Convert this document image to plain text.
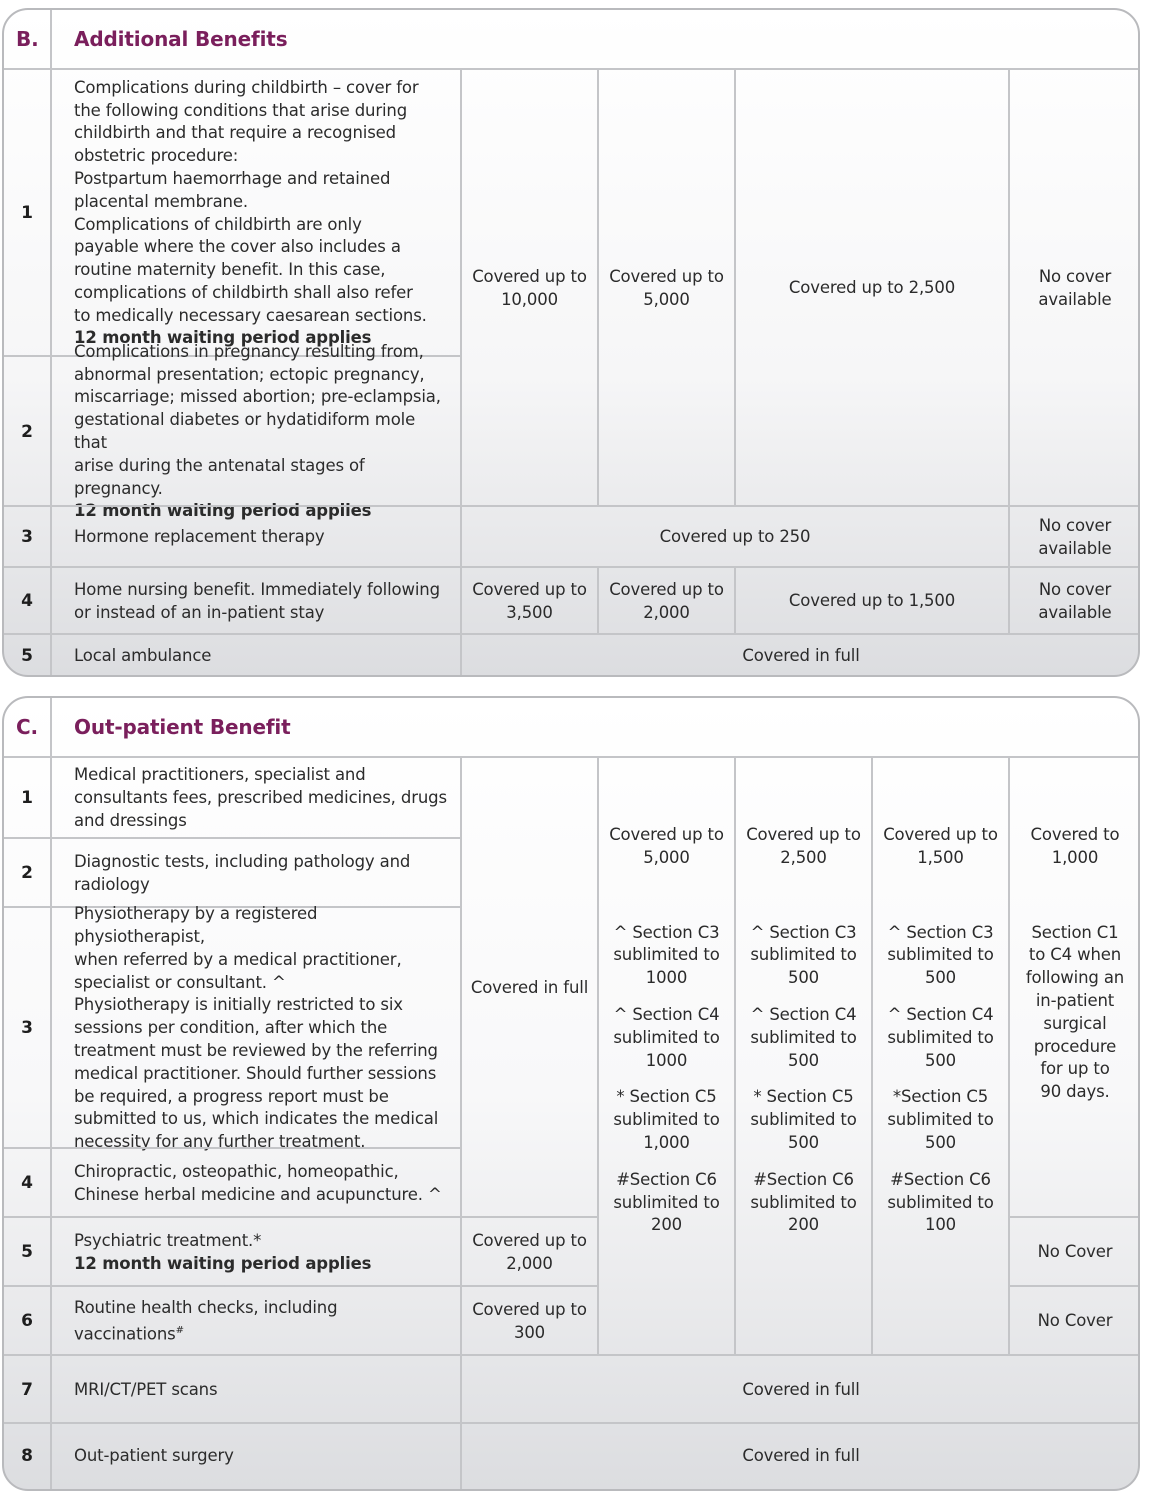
B.	Additional Benefits
1
2
3
4
5
Complications during childbirth – cover for
the following conditions that arise during
childbirth and that require a recognised
obstetric procedure:
Postpartum haemorrhage and retained
placental membrane.
Complications of childbirth are only
payable where the cover also includes a
routine maternity benefit. In this case,
complications of childbirth shall also refer
to medically necessary caesarean sections.
12 month waiting period applies
Complications in pregnancy resulting from,
abnormal presentation; ectopic pregnancy,
miscarriage; missed abortion; pre-eclampsia,
gestational diabetes or hydatidiform mole that
arise during the antenatal stages of pregnancy.
12 month waiting period applies
Hormone replacement therapy
Home nursing benefit. Immediately following
or instead of an in-patient stay
Local ambulance
Covered up to
10,000
Covered up to
5,000
Covered up to 2,500
No cover
available
Covered up to 250
No cover
available
Covered up to
3,500
Covered up to
2,000
Covered up to 1,500
No cover
available
Covered in full
C.	Out-patient Benefit
1
2
3
4
5
6
7
8
Medical practitioners, specialist and
consultants fees, prescribed medicines, drugs
and dressings
Diagnostic tests, including pathology and
radiology
Physiotherapy by a registered physiotherapist,
when referred by a medical practitioner,
specialist or consultant. ^
Physiotherapy is initially restricted to six
sessions per condition, after which the
treatment must be reviewed by the referring
medical practitioner. Should further sessions
be required, a progress report must be
submitted to us, which indicates the medical
necessity for any further treatment.
Chiropractic, osteopathic, homeopathic,
Chinese herbal medicine and acupuncture. ^
Psychiatric treatment.*
12 month waiting period applies
Routine health checks, including vaccinations#
MRI/CT/PET scans
Out-patient surgery
Covered in full
Covered up to
2,000
Covered up to
300
Covered up to
5,000
^ Section C3
sublimited to
1000
^ Section C4
sublimited to
1000
* Section C5
sublimited to
1,000
#Section C6
sublimited to
200
Covered up to
2,500
^ Section C3
sublimited to
500
^ Section C4
sublimited to
500
* Section C5
sublimited to
500
#Section C6
sublimited to
200
Covered up to
1,500
^ Section C3
sublimited to
500
^ Section C4
sublimited to
500
*Section C5
sublimited to
500
#Section C6
sublimited to
100
Covered to
1,000
Section C1
to C4 when
following an
in-patient
surgical
procedure
for up to
90 days.
No Cover
No Cover
Covered in full
Covered in full
